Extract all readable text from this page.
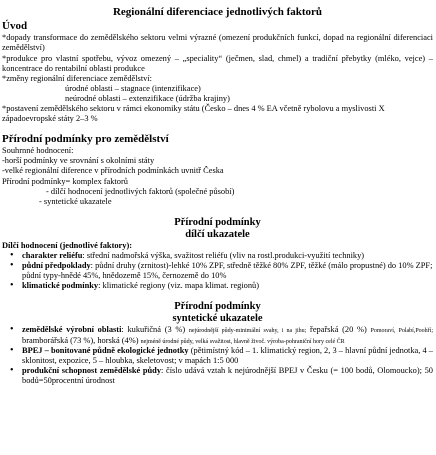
Regionální diferenciace jednotlivých faktorů
Úvod
*dopady transformace do zemědělského sektoru velmi výrazné (omezení produkčních funkcí, dopad na regionální diferenciaci zemědělství)
*produkce pro vlastní spotřebu, vývoz omezený – „speciality“ (ječmen, slad, chmel) a tradiční přebytky (mléko, vejce) – koncentrace do rentabilní oblasti produkce
*změny regionální diferenciace zemědělství:
úrodné oblasti – stagnace (intenzifikace)
neúrodné oblasti – extenzifikace (údržba krajiny)
*postavení zemědělského sektoru v rámci ekonomiky státu (Česko – dnes 4 % EA včetně rybolovu a myslivosti X západoevropské státy 2–3 %
Přírodní podmínky pro zemědělství
Souhrnné hodnocení:
-horší podmínky ve srovnání s okolními státy
-velké regionální diference v přírodních podmínkách uvnitř Česka
Přírodní podmínky= komplex faktorů
- dílčí hodnocení jednotlivých faktorů (společné působí)
- syntetické ukazatele
Přírodní podmínky
dílčí ukazatele
Dílčí hodnocení (jednotlivé faktory):
• charakter reliéfu: střední nadmořská výška, svažitost reliéfu (vliv na rostl.produkci-využití techniky)
• půdní předpoklady: půdní druhy (zrnitost)-lehké 10% ZPF, středně těžké 80% ZPF, těžké (málo propustné) do 10% ZPF; půdní typy-hnědé 45%, hnědozemě 15%, černozemě do 10%
• klimatické podmínky: klimatické regiony (viz. mapa klimat. regionů)
Přírodní podmínky
syntetické ukazatele
• zemědělské výrobní oblasti: kukuřičná (3 %) nejúrodnější půdy-minimální svahy, i na jihu; řepařská (20 %) Pomoraví, Polabí,Poohří; bramborářská (73 %), horská (4%) nejméně úrodné půdy, velká svažitost, hlavně živoč. výroba-pohraniční hory celé ČR
• BPEJ – bonitované půdně ekologické jednotky (pětimístný kód – 1. klimatický region, 2, 3 – hlavní půdní jednotka, 4 – sklonitost, expozice, 5 – hloubka, skeletovost; v mapách 1:5 000
• produkční schopnost zemědělské půdy: číslo udává vztah k nejúrodnější BPEJ v Česku (= 100 bodů, Olomoucko); 50 bodů=50procentní úrodnost
